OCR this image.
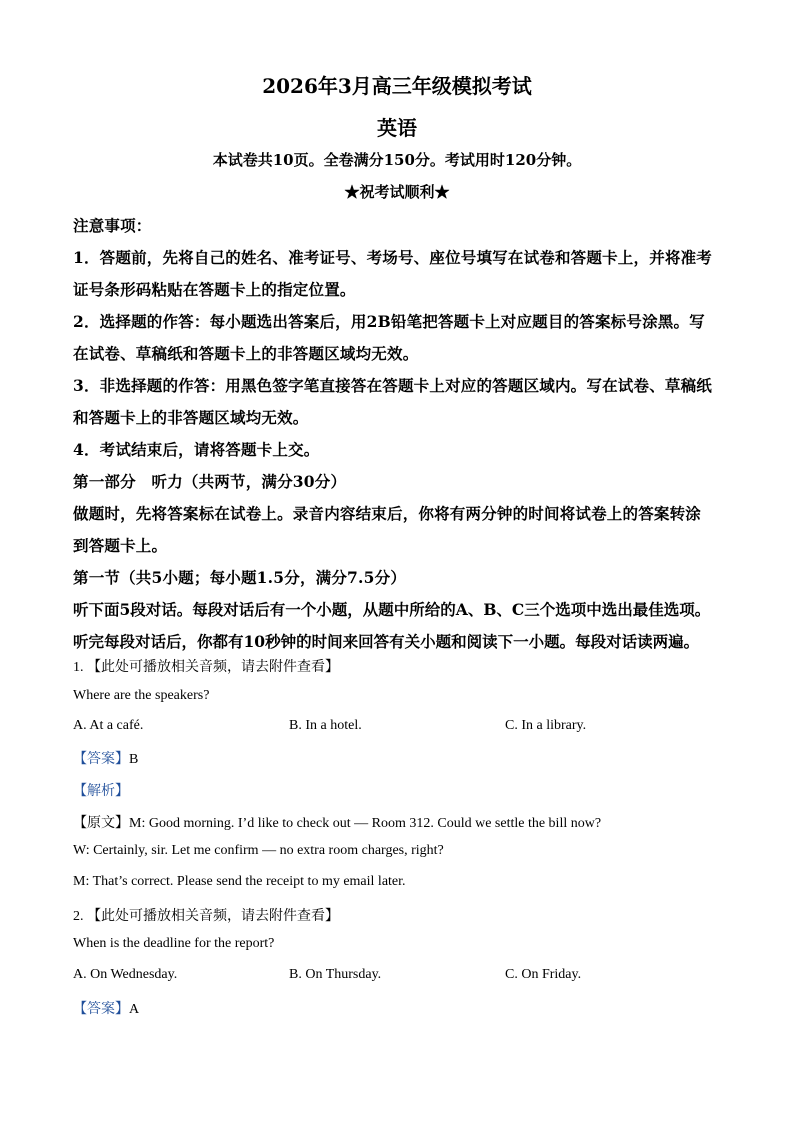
2026年3月高三年级模拟考试
英语
本试卷共10页。全卷满分150分。考试用时120分钟。
★祝考试顺利★
注意事项：
1．答题前，先将自己的姓名、准考证号、考场号、座位号填写在试卷和答题卡上，并将准考
证号条形码粘贴在答题卡上的指定位置。
2．选择题的作答：每小题选出答案后，用2B铅笔把答题卡上对应题目的答案标号涂黑。写
在试卷、草稿纸和答题卡上的非答题区域均无效。
3．非选择题的作答：用黑色签字笔直接答在答题卡上对应的答题区域内。写在试卷、草稿纸
和答题卡上的非答题区域均无效。
4．考试结束后，请将答题卡上交。
第一部分　听力（共两节，满分30分）
做题时，先将答案标在试卷上。录音内容结束后，你将有两分钟的时间将试卷上的答案转涂
到答题卡上。
第一节（共5小题；每小题1.5分，满分7.5分）
听下面5段对话。每段对话后有一个小题，从题中所给的A、B、C三个选项中选出最佳选项。
听完每段对话后，你都有10秒钟的时间来回答有关小题和阅读下一小题。每段对话读两遍。
1. 【此处可播放相关音频，请去附件查看】
Where are the speakers?
A. At a café.	B. In a hotel.	C. In a library.
【答案】B
【解析】
【原文】M: Good morning. I’d like to check out — Room 312. Could we settle the bill now?
W: Certainly, sir. Let me confirm — no extra room charges, right?
M: That’s correct. Please send the receipt to my email later.
2. 【此处可播放相关音频，请去附件查看】
When is the deadline for the report?
A. On Wednesday.	B. On Thursday.	C. On Friday.
【答案】A
